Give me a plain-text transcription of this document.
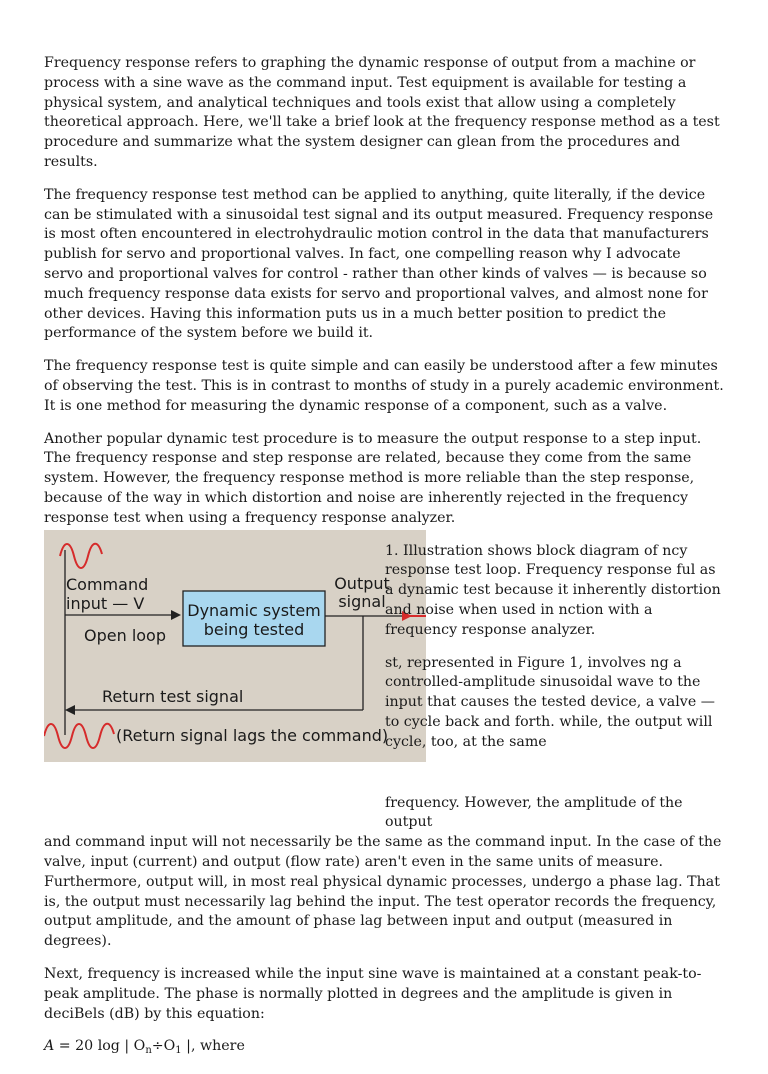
Frequency response refers to graphing the dynamic response of output from a machine or process with a sine wave as the command input. Test equipment is available for testing a physical system, and analytical techniques and tools exist that allow using a completely theoretical approach. Here, we'll take a brief look at the frequency response method as a test procedure and summarize what the system designer can glean from the procedures and results.

The frequency response test method can be applied to anything, quite literally, if the device can be stimulated with a sinusoidal test signal and its output measured. Frequency response is most often encountered in electrohydraulic motion control in the data that manufacturers publish for servo and proportional valves. In fact, one compelling reason why I advocate servo and proportional valves for control - rather than other kinds of valves — is because so much frequency response data exists for servo and proportional valves, and almost none for other devices. Having this information puts us in a much better position to predict the performance of the system before we build it.

The frequency response test is quite simple and can easily be understood after a few minutes of observing the test. This is in contrast to months of study in a purely academic environment. It is one method for measuring the dynamic response of a component, such as a valve.

Another popular dynamic test procedure is to measure the output response to a step input. The frequency response and step response are related, because they come from the same system. However, the frequency response method is more reliable than the step response, because of the way in which distortion and noise are inherently rejected in the frequency response test when using a frequency response analyzer.

Command
input — V
Open loop
Dynamic system
being tested
Output
signal
Return test signal
(Return signal lags the command)

1. Illustration shows block diagram of ncy response test loop. Frequency response ful as a dynamic test because it inherently distortion and noise when used in nction with a frequency response analyzer.

st, represented in Figure 1, involves ng a controlled-amplitude sinusoidal wave to the input that causes the tested device, a valve — to cycle back and forth. while, the output will cycle, too, at the same

frequency. However, the amplitude of the output
and command input will not necessarily be the same as the command input. In the case of the valve, input (current) and output (flow rate) aren't even in the same units of measure. Furthermore, output will, in most real physical dynamic processes, undergo a phase lag. That is, the output must necessarily lag behind the input. The test operator records the frequency, output amplitude, and the amount of phase lag between input and output (measured in degrees).

Next, frequency is increased while the input sine wave is maintained at a constant peak-to-peak amplitude. The phase is normally plotted in degrees and the amplitude is given in deciBels (dB) by this equation:

A = 20 log | $O_n\div O_1$ |, where
